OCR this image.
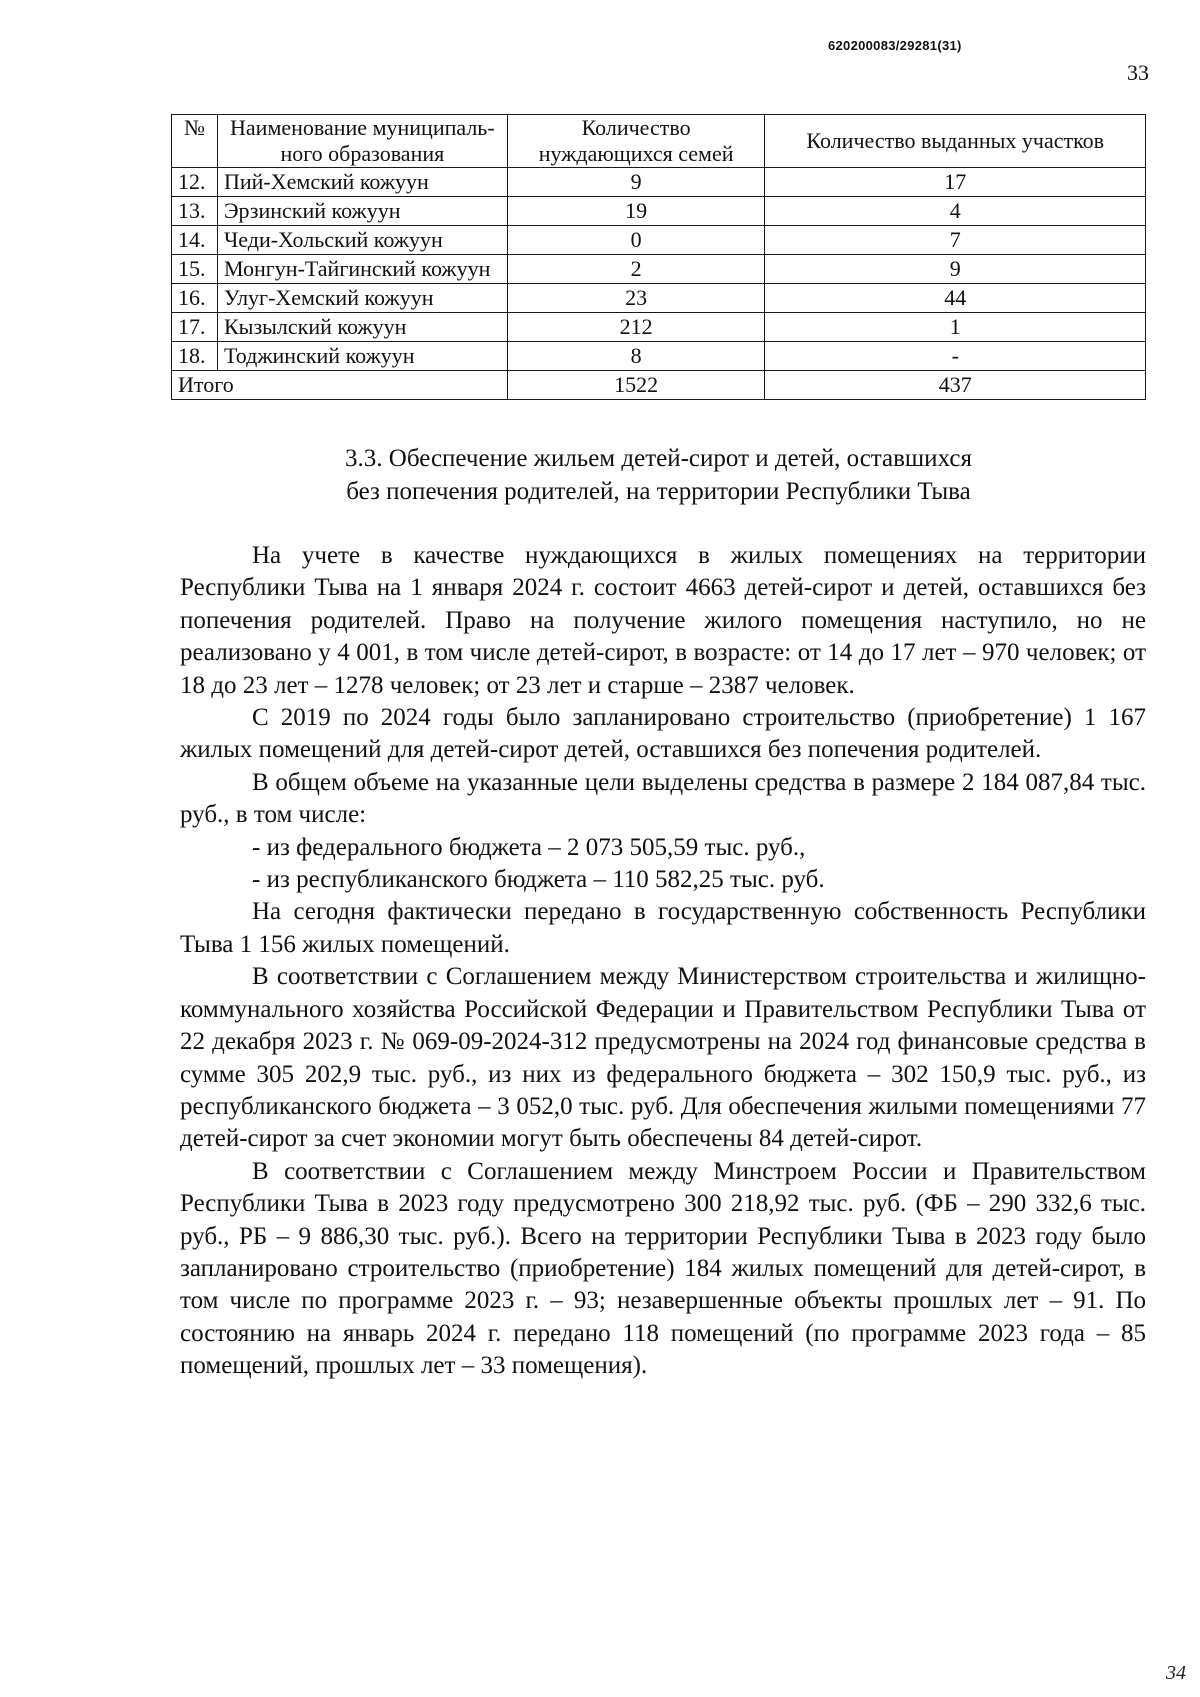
620200083/29281(31)
33
№	Наименование муниципаль-ного образования	Количество нуждающихся семей	Количество выданных участков
12.	Пий-Хемский кожуун	9	17
13.	Эрзинский кожуун	19	4
14.	Чеди-Хольский кожуун	0	7
15.	Монгун-Тайгинский кожуун	2	9
16.	Улуг-Хемский кожуун	23	44
17.	Кызылский кожуун	212	1
18.	Тоджинский кожуун	8	-
Итого		1522	437
3.3. Обеспечение жильем детей-сирот и детей, оставшихся
без попечения родителей, на территории Республики Тыва

На учете в качестве нуждающихся в жилых помещениях на территории Республики Тыва на 1 января 2024 г. состоит 4663 детей-сирот и детей, оставшихся без попечения родителей. Право на получение жилого помещения наступило, но не реализовано у 4 001, в том числе детей-сирот, в возрасте: от 14 до 17 лет – 970 человек; от 18 до 23 лет – 1278 человек; от 23 лет и старше – 2387 человек.

С 2019 по 2024 годы было запланировано строительство (приобретение) 1 167 жилых помещений для детей-сирот детей, оставшихся без попечения родителей.

В общем объеме на указанные цели выделены средства в размере 2 184 087,84 тыс. руб., в том числе:

- из федерального бюджета – 2 073 505,59 тыс. руб.,

- из республиканского бюджета – 110 582,25 тыс. руб.

На сегодня фактически передано в государственную собственность Республики Тыва 1 156 жилых помещений.

В соответствии с Соглашением между Министерством строительства и жилищно-коммунального хозяйства Российской Федерации и Правительством Республики Тыва от 22 декабря 2023 г. № 069-09-2024-312 предусмотрены на 2024 год финансовые средства в сумме 305 202,9 тыс. руб., из них из федерального бюджета – 302 150,9 тыс. руб., из республиканского бюджета – 3 052,0 тыс. руб. Для обеспечения жилыми помещениями 77 детей-сирот за счет экономии могут быть обеспечены 84 детей-сирот.

В соответствии с Соглашением между Минстроем России и Правительством Республики Тыва в 2023 году предусмотрено 300 218,92 тыс. руб. (ФБ – 290 332,6 тыс. руб., РБ – 9 886,30 тыс. руб.). Всего на территории Республики Тыва в 2023 году было запланировано строительство (приобретение) 184 жилых помещений для детей-сирот, в том числе по программе 2023 г. – 93; незавершенные объекты прошлых лет – 91. По состоянию на январь 2024 г. передано 118 помещений (по программе 2023 года – 85 помещений, прошлых лет – 33 помещения).

34
